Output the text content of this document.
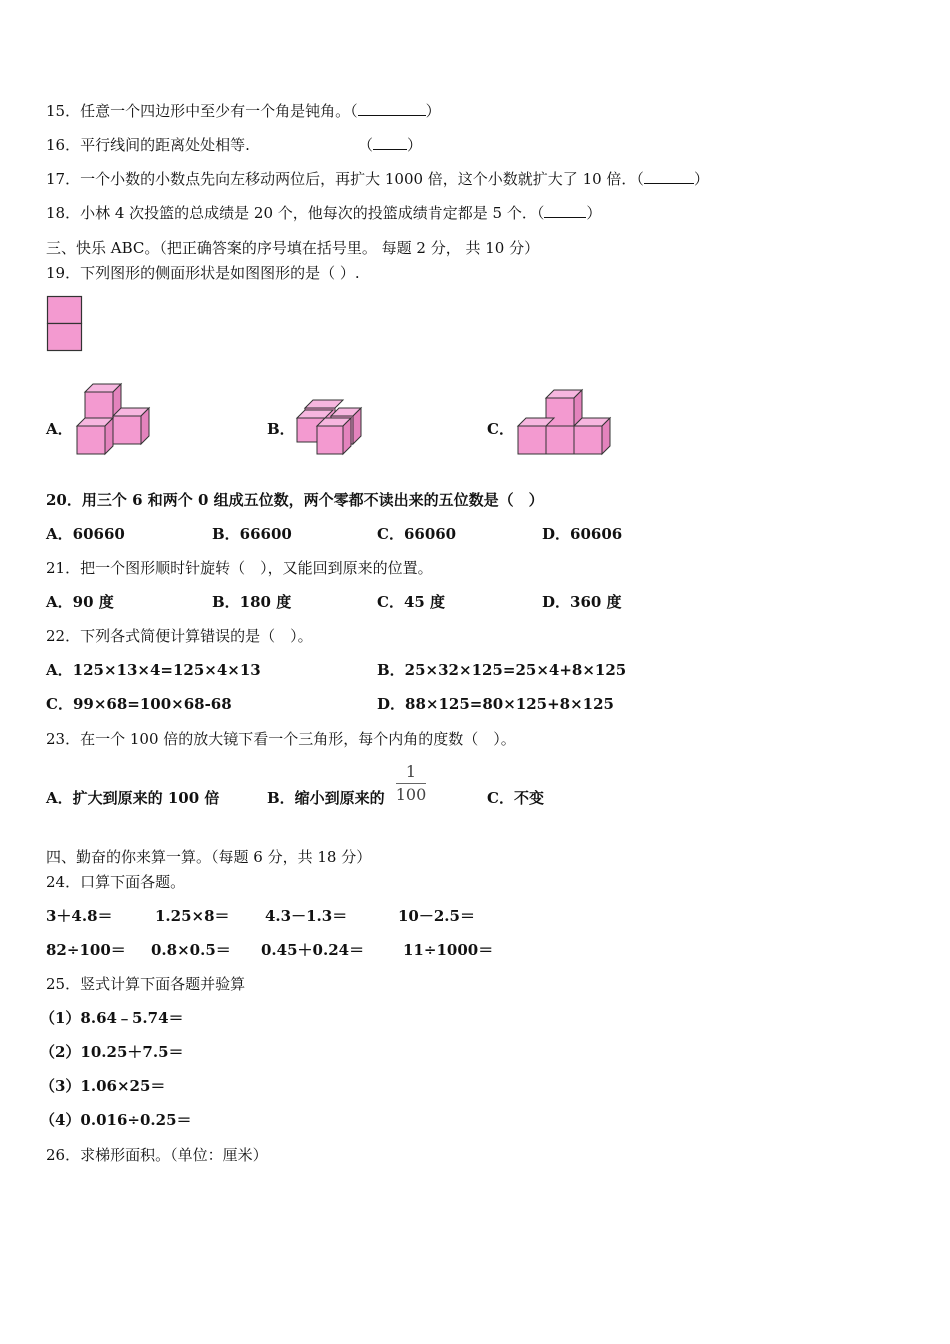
15．任意一个四边形中至少有一个角是钝角。（	）
16．平行线间的距离处处相等.	（ ）
17．一个小数的小数点先向左移动两位后，再扩大 1000 倍，这个小数就扩大了 10 倍．（	）
18．小林 4 次投篮的总成绩是 20 个，他每次的投篮成绩肯定都是 5 个．（	）
三、快乐 ABC。（把正确答案的序号填在括号里。 每题 2 分， 共 10 分）
19．下列图形的侧面形状是如图图形的是（ ）.
A．	B．	C．
20．用三个 6 和两个 0 组成五位数，两个零都不读出来的五位数是（　）
A．60660	B．66600	C．66060	D．60606
21．把一个图形顺时针旋转（　），又能回到原来的位置。
A．90 度	B．180 度	C．45 度	D．360 度
22．下列各式简便计算错误的是（　）。
A．125×13×4=125×4×13	B．25×32×125=25×4+8×125
C．99×68=100×68-68	D．88×125=80×125+8×125
23．在一个 100 倍的放大镜下看一个三角形，每个内角的度数（　）。
A．扩大到原来的 100 倍	B．缩小到原来的
1
100	C．不变
四、勤奋的你来算一算。（每题 6 分，共 18 分）
24．口算下面各题。
3＋4.8＝	1.25×8＝ 4.3－1.3＝	10－2.5＝
82÷100＝ 0.8×0.5＝ 0.45＋0.24＝	11÷1000＝
25．竖式计算下面各题并验算
（1）8.64﹣5.74＝
（2）10.25＋7.5＝
（3）1.06×25＝
（4）0.016÷0.25＝
26．求梯形面积。（单位：厘米）
